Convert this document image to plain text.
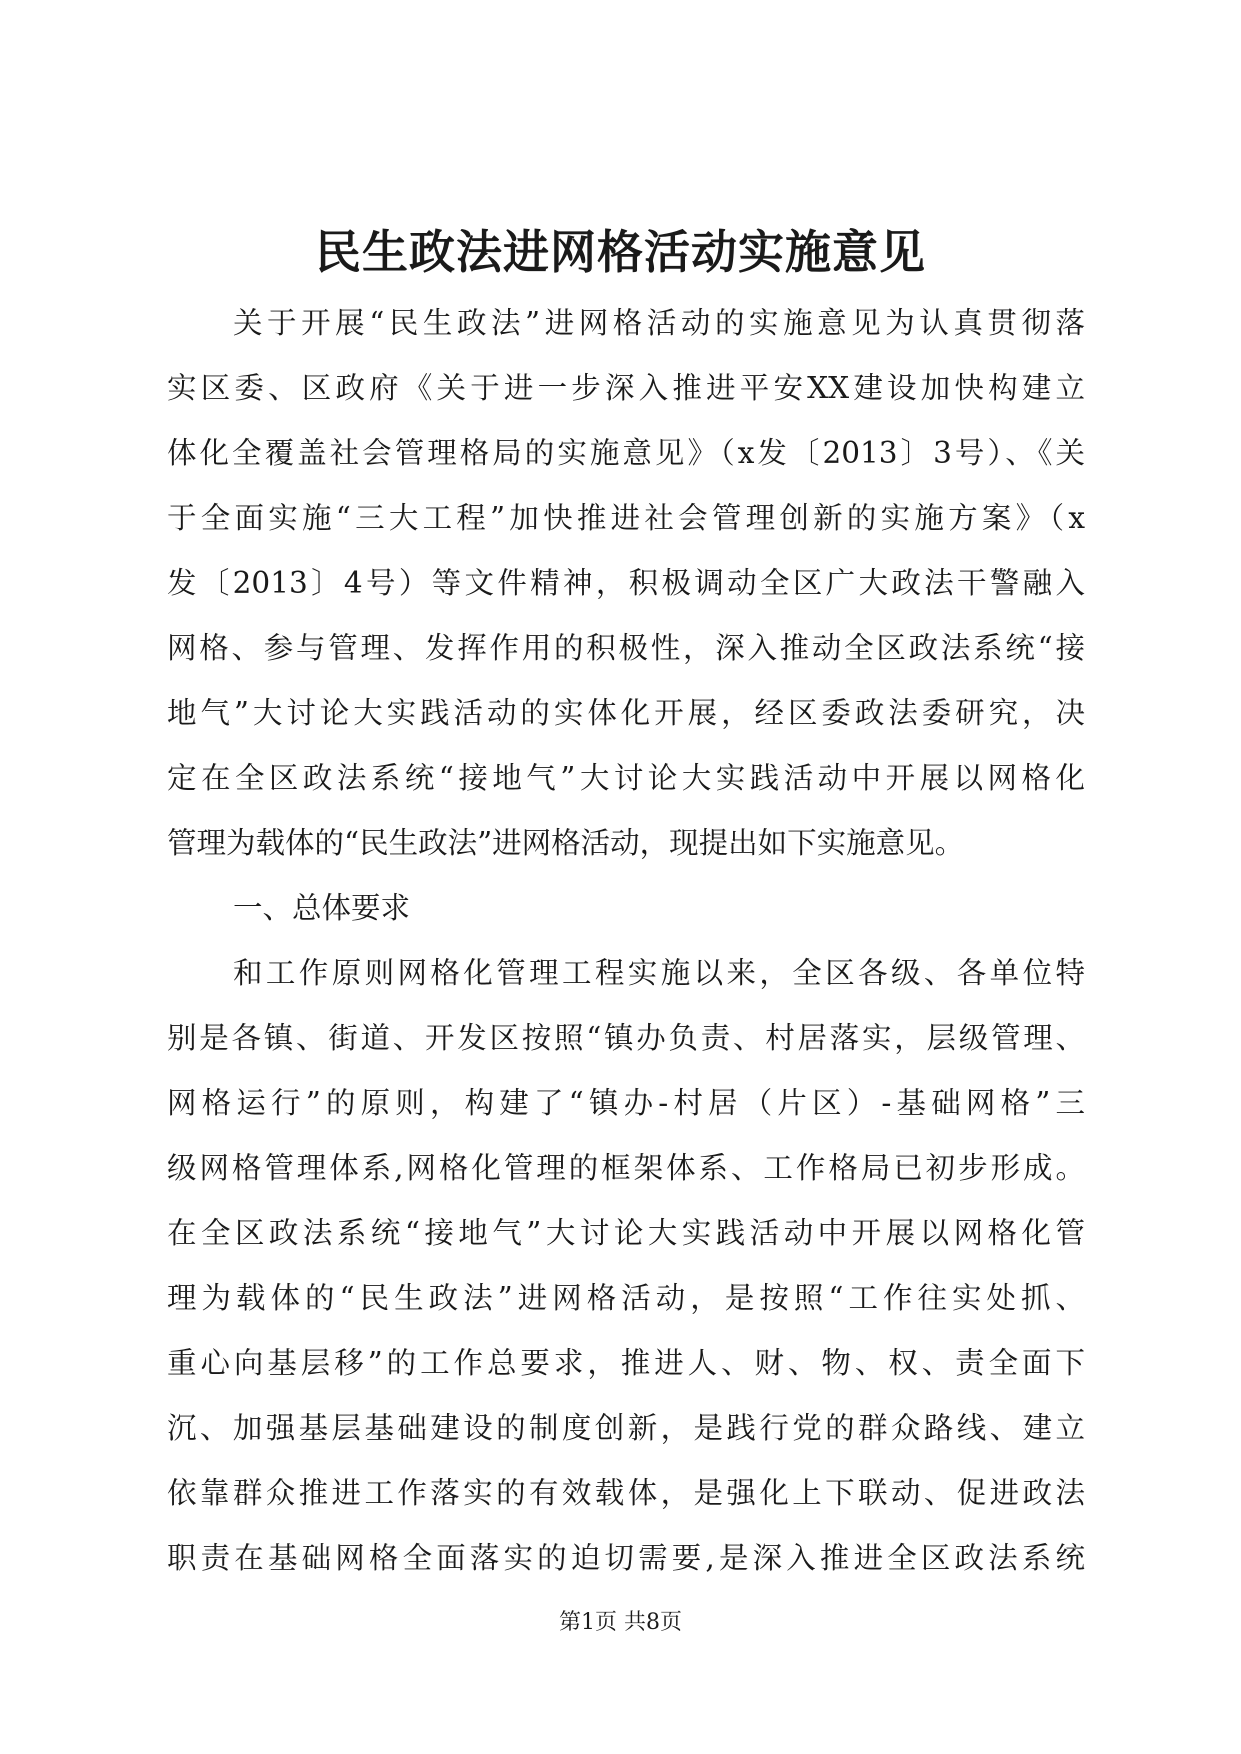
民生政法进网格活动实施意见
关于开展“民生政法”进网格活动的实施意见为认真贯彻落
实区委、区政府《关于进一步深入推进平安XX建设加快构建立
体化全覆盖社会管理格局的实施意见》（x发〔2013〕3号）、《关
于全面实施“三大工程”加快推进社会管理创新的实施方案》（x
发〔2013〕4号）等文件精神，积极调动全区广大政法干警融入
网格、参与管理、发挥作用的积极性，深入推动全区政法系统“接
地气”大讨论大实践活动的实体化开展，经区委政法委研究，决
定在全区政法系统“接地气”大讨论大实践活动中开展以网格化
管理为载体的“民生政法”进网格活动，现提出如下实施意见。
一、总体要求
和工作原则网格化管理工程实施以来，全区各级、各单位特
别是各镇、街道、开发区按照“镇办负责、村居落实，层级管理、
网格运行”的原则，构建了“镇办-村居（片区）-基础网格”三
级网格管理体系,网格化管理的框架体系、工作格局已初步形成。
在全区政法系统“接地气”大讨论大实践活动中开展以网格化管
理为载体的“民生政法”进网格活动，是按照“工作往实处抓、
重心向基层移”的工作总要求，推进人、财、物、权、责全面下
沉、加强基层基础建设的制度创新，是践行党的群众路线、建立
依靠群众推进工作落实的有效载体，是强化上下联动、促进政法
职责在基础网格全面落实的迫切需要,是深入推进全区政法系统
第1页 共8页
